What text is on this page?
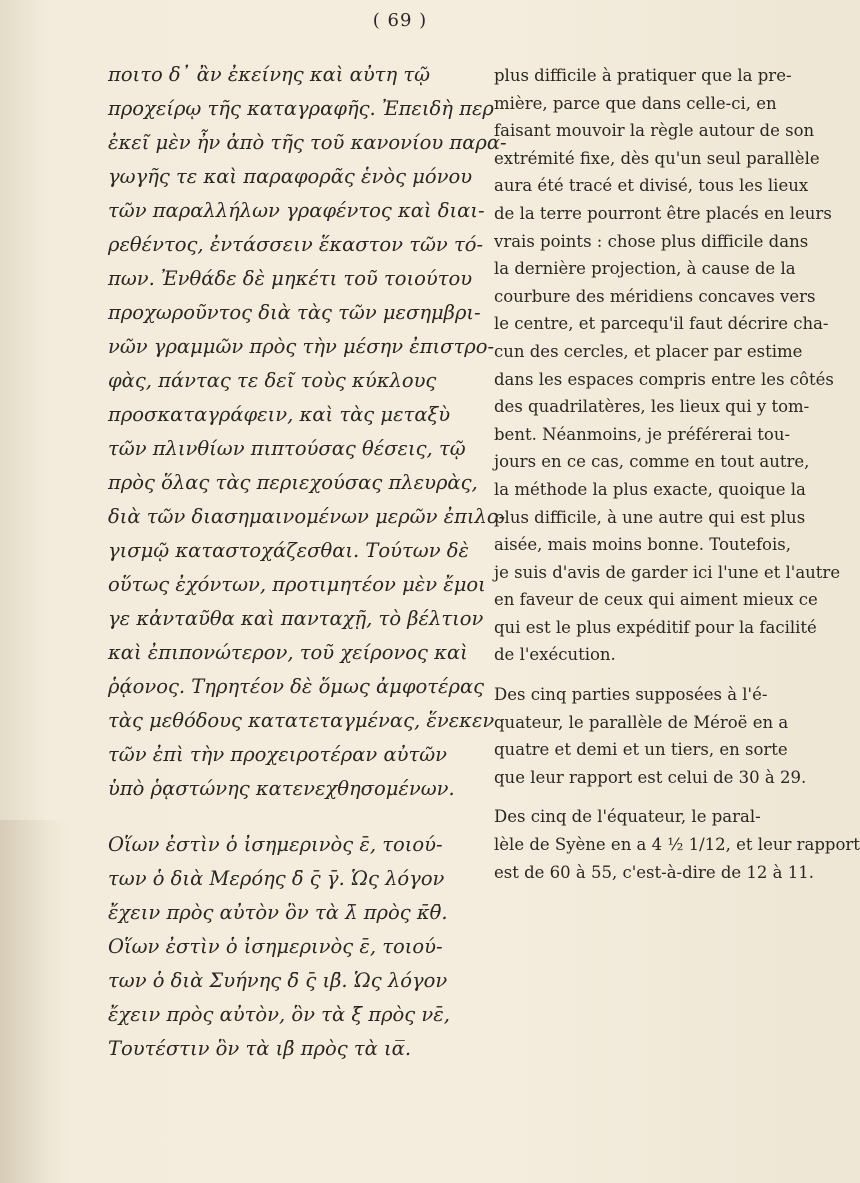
( 69 )
ποιτο δ᾽ ἂν ἐκείνης καὶ αὐτη τῷ
προχείρῳ τῆς καταγραφῆς. Ἐπειδὴ περ
ἐκεῖ μὲν ἦν ἀπὸ τῆς τοῦ κανονίου παρα-
γωγῆς τε καὶ παραφορᾶς ἑνὸς μόνου
τῶν παραλλήλων γραφέντος καὶ διαι-
ρεθέντος, ἐντάσσειν ἕκαστον τῶν τό-
πων. Ἐνθάδε δὲ μηκέτι τοῦ τοιούτου
προχωροῦντος διὰ τὰς τῶν μεσημβρι-
νῶν γραμμῶν πρὸς τὴν μέσην ἐπιστρο-
φὰς, πάντας τε δεῖ τοὺς κύκλους
προσκαταγράφειν, καὶ τὰς μεταξὺ
τῶν πλινθίων πιπτούσας θέσεις, τῷ
πρὸς ὅλας τὰς περιεχούσας πλευρὰς,
διὰ τῶν διασημαινομένων μερῶν ἐπιλο-
γισμῷ καταστοχάζεσθαι. Τούτων δὲ
οὕτως ἐχόντων, προτιμητέον μὲν ἔμοι
γε κἀνταῦθα καὶ πανταχῇ, τὸ βέλτιον
καὶ ἐπιπονώτερον, τοῦ χείρονος καὶ
ῥᾴονος. Τηρητέον δὲ ὅμως ἀμφοτέρας
τὰς μεθόδους κατατεταγμένας, ἕνεκεν
τῶν ἐπὶ τὴν προχειροτέραν αὐτῶν
ὑπὸ ῥᾳστώνης κατενεχθησομένων.
Οἵων ἐστὶν ὁ ἰσημερινὸς ε̄, τοιού-
των ὁ διὰ Μερόης δ̄ ς̄ γ̄. Ὡς λόγον
ἔχειν πρὸς αὐτὸν ὃν τὰ λ̄ πρὸς κ̄θ̄.
Οἵων ἐστὶν ὁ ἰσημερινὸς ε̄, τοιού-
των ὁ διὰ Συήνης δ̄ ς̄ ιβ̄. Ὡς λόγον
ἔχειν πρὸς αὐτὸν, ὃν τὰ ξ̄ πρὸς νε̄,
Τουτέστιν ὃν τὰ ιβ̄ πρὸς τὰ ια̅.
plus difficile à pratiquer que la pre-
mière, parce que dans celle-ci, en
faisant mouvoir la règle autour de son
extrémité fixe, dès qu'un seul parallèle
aura été tracé et divisé, tous les lieux
de la terre pourront être placés en leurs
vrais points : chose plus difficile dans
la dernière projection, à cause de la
courbure des méridiens concaves vers
le centre, et parcequ'il faut décrire cha-
cun des cercles, et placer par estime
dans les espaces compris entre les côtés
des quadrilatères, les lieux qui y tom-
bent. Néanmoins, je préférerai tou-
jours en ce cas, comme en tout autre,
la méthode la plus exacte, quoique la
plus difficile, à une autre qui est plus
aisée, mais moins bonne. Toutefois,
je suis d'avis de garder ici l'une et l'autre
en faveur de ceux qui aiment mieux ce
qui est le plus expéditif pour la facilité
de l'exécution.
Des cinq parties supposées à l'é-
quateur, le parallèle de Méroë en a
quatre et demi et un tiers, en sorte
que leur rapport est celui de 30 à 29.
Des cinq de l'équateur, le paral-
lèle de Syène en a 4 ½ 1/12, et leur rapport
est de 60 à 55, c'est-à-dire de 12 à 11.
